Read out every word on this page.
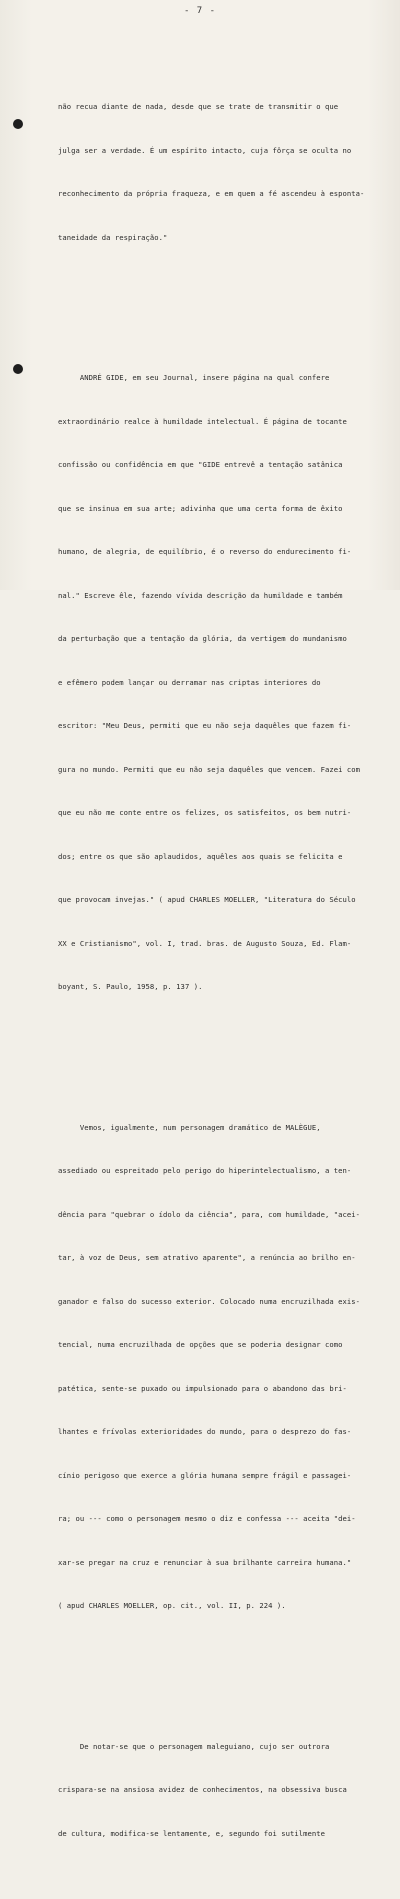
- 7 -

não recua diante de nada, desde que se trate de transmitir o que

julga ser a verdade. É um espírito intacto, cuja fôrça se oculta no

reconhecimento da própria fraqueza, e em quem a fé ascendeu à esponta-

taneidade da respiração."

ANDRÉ GIDE, em seu Journal, insere página na qual confere

extraordinário realce à humildade intelectual. É página de tocante

confissão ou confidência em que "GIDE entrevê a tentação satânica

que se insinua em sua arte; adivinha que uma certa forma de êxito

humano, de alegria, de equilíbrio, é o reverso do endurecimento fi-

nal." Escreve êle, fazendo vívida descrição da humildade e também

da perturbação que a tentação da glória, da vertigem do mundanismo

e efêmero podem lançar ou derramar nas criptas interiores do

escritor: "Meu Deus, permiti que eu não seja daquêles que fazem fi-

gura no mundo. Permiti que eu não seja daquêles que vencem. Fazei com

que eu não me conte entre os felizes, os satisfeitos, os bem nutri-

dos; entre os que são aplaudidos, aquêles aos quais se felicita e

que provocam invejas." ( apud CHARLES MOELLER, "Literatura do Século

XX e Cristianismo", vol. I, trad. bras. de Augusto Souza, Ed. Flam-

boyant, S. Paulo, 1958, p. 137 ).

Vemos, igualmente, num personagem dramático de MALÈGUE,

assediado ou espreitado pelo perigo do hiperintelectualismo, a ten-

dência para "quebrar o ídolo da ciência", para, com humildade, "acei-

tar, à voz de Deus, sem atrativo aparente", a renúncia ao brilho en-

ganador e falso do sucesso exterior. Colocado numa encruzilhada exis-

tencial, numa encruzilhada de opções que se poderia designar como

patética, sente-se puxado ou impulsionado para o abandono das bri-

lhantes e frívolas exterioridades do mundo, para o desprezo do fas-

cínio perigoso que exerce a glória humana sempre frágil e passagei-

ra; ou --- como o personagem mesmo o diz e confessa --- aceita "dei-

xar-se pregar na cruz e renunciar à sua brilhante carreira humana."

( apud CHARLES MOELLER, op. cit., vol. II, p. 224 ).

De notar-se que o personagem maleguiano, cujo ser outrora

crispara-se na ansiosa avidez de conhecimentos, na obsessiva busca

de cultura, modifica-se lentamente, e, segundo foi sutilmente
